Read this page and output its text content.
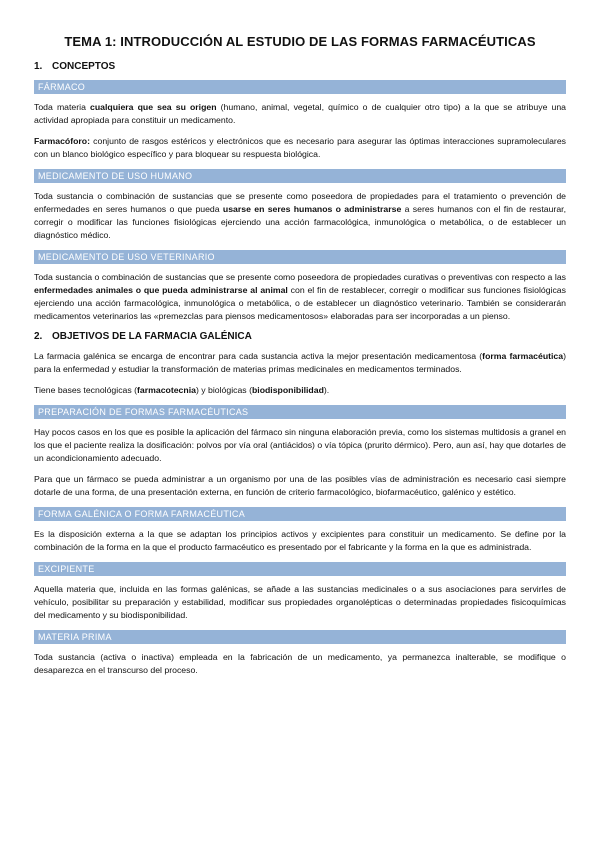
TEMA 1: INTRODUCCIÓN AL ESTUDIO DE LAS FORMAS FARMACÉUTICAS
1. CONCEPTOS
FÁRMACO

Toda materia cualquiera que sea su origen (humano, animal, vegetal, químico o de cualquier otro tipo) a la que se atribuye una actividad apropiada para constituir un medicamento.

Farmacóforo: conjunto de rasgos estéricos y electrónicos que es necesario para asegurar las óptimas interacciones supramoleculares con un blanco biológico específico y para bloquear su respuesta biológica.

MEDICAMENTO DE USO HUMANO

Toda sustancia o combinación de sustancias que se presente como poseedora de propiedades para el tratamiento o prevención de enfermedades en seres humanos o que pueda usarse en seres humanos o administrarse a seres humanos con el fin de restaurar, corregir o modificar las funciones fisiológicas ejerciendo una acción farmacológica, inmunológica o metabólica, o de establecer un diagnóstico médico.

MEDICAMENTO DE USO VETERINARIO

Toda sustancia o combinación de sustancias que se presente como poseedora de propiedades curativas o preventivas con respecto a las enfermedades animales o que pueda administrarse al animal con el fin de restablecer, corregir o modificar sus funciones fisiológicas ejerciendo una acción farmacológica, inmunológica o metabólica, o de establecer un diagnóstico veterinario. También se considerarán medicamentos veterinarios las «premezclas para piensos medicamentosos» elaboradas para ser incorporadas a un pienso.

2. OBJETIVOS DE LA FARMACIA GALÉNICA

La farmacia galénica se encarga de encontrar para cada sustancia activa la mejor presentación medicamentosa (forma farmacéutica) para la enfermedad y estudiar la transformación de materias primas medicinales en medicamentos terminados.

Tiene bases tecnológicas (farmacotecnia) y biológicas (biodisponibilidad).

PREPARACIÓN DE FORMAS FARMACÉUTICAS

Hay pocos casos en los que es posible la aplicación del fármaco sin ninguna elaboración previa, como los sistemas multidosis a granel en los que el paciente realiza la dosificación: polvos por vía oral (antiácidos) o vía tópica (prurito dérmico). Pero, aun así, hay que dotarles de un acondicionamiento adecuado.

Para que un fármaco se pueda administrar a un organismo por una de las posibles vías de administración es necesario casi siempre dotarle de una forma, de una presentación externa, en función de criterio farmacológico, biofarmacéutico, galénico y estético.

FORMA GALÉNICA O FORMA FARMACÉUTICA

Es la disposición externa a la que se adaptan los principios activos y excipientes para constituir un medicamento. Se define por la combinación de la forma en la que el producto farmacéutico es presentado por el fabricante y la forma en la que es administrada.

EXCIPIENTE

Aquella materia que, incluida en las formas galénicas, se añade a las sustancias medicinales o a sus asociaciones para servirles de vehículo, posibilitar su preparación y estabilidad, modificar sus propiedades organolépticas o determinadas propiedades fisicoquímicas del medicamento y su biodisponibilidad.

MATERIA PRIMA

Toda sustancia (activa o inactiva) empleada en la fabricación de un medicamento, ya permanezca inalterable, se modifique o desaparezca en el transcurso del proceso.
